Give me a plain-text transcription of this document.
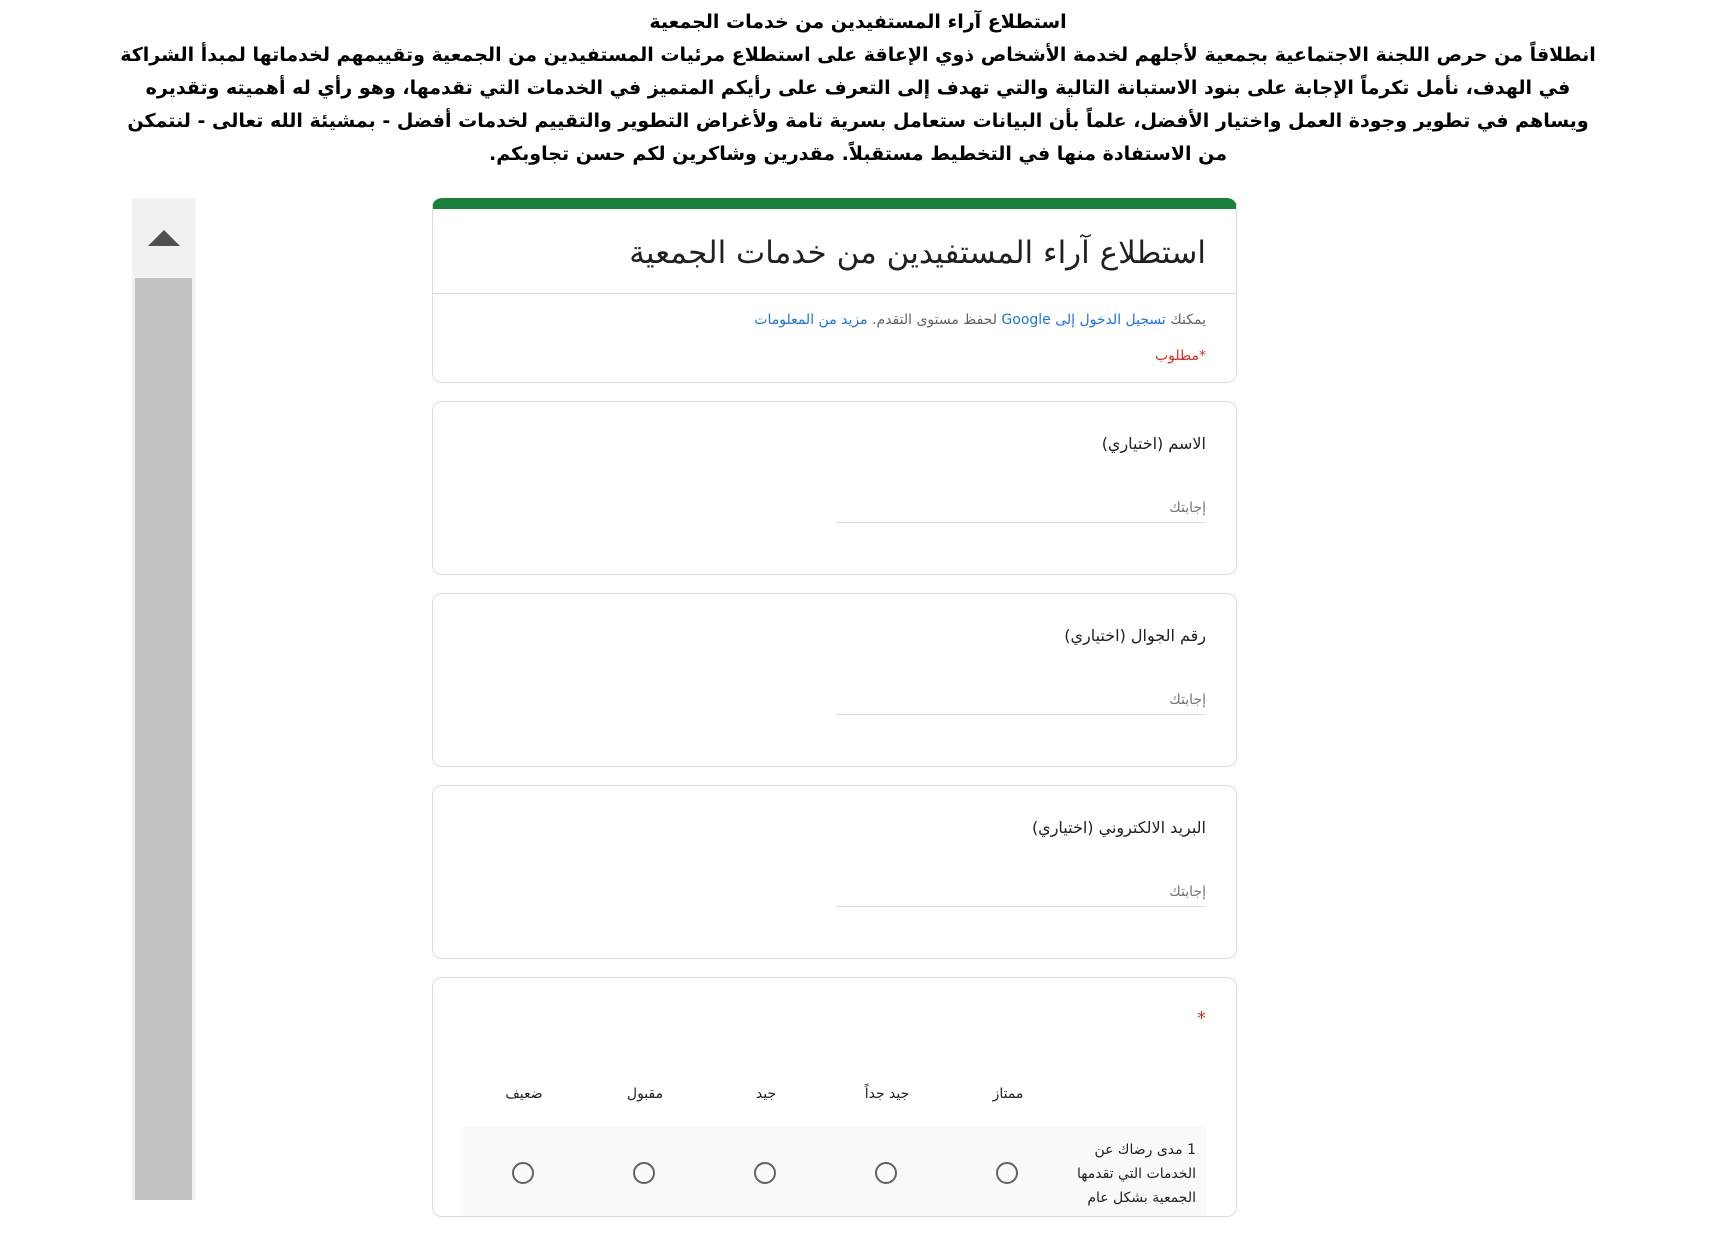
استطلاع آراء المستفيدين من خدمات الجمعية
انطلاقاً من حرص اللجنة الاجتماعية بجمعية لأجلهم لخدمة الأشخاص ذوي الإعاقة على استطلاع مرئيات المستفيدين من الجمعية وتقييمهم لخدماتها لمبدأ الشراكة في الهدف، نأمل تكرماً الإجابة على بنود الاستبانة التالية والتي تهدف إلى التعرف على رأيكم المتميز في الخدمات التي تقدمها، وهو رأي له أهميته وتقديره ويساهم في تطوير وجودة العمل واختيار الأفضل، علماً بأن البيانات ستعامل بسرية تامة ولأغراض التطوير والتقييم لخدمات أفضل - بمشيئة الله تعالى - لنتمكن من الاستفادة منها في التخطيط مستقبلاً. مقدرين وشاكرين لكم حسن تجاوبكم.
استطلاع آراء المستفيدين من خدمات الجمعية
يمكنك تسجيل الدخول إلى Google لحفظ مستوى التقدم. مزيد من المعلومات
*مطلوب
الاسم (اختياري)
إجابتك
رقم الجوال (اختياري)
إجابتك
البريد الالكتروني (اختياري)
إجابتك
*
ممتاز
جيد جداً
جيد
مقبول
ضعيف
1 مدى رضاك عن الخدمات التي تقدمها الجمعية بشكل عام
